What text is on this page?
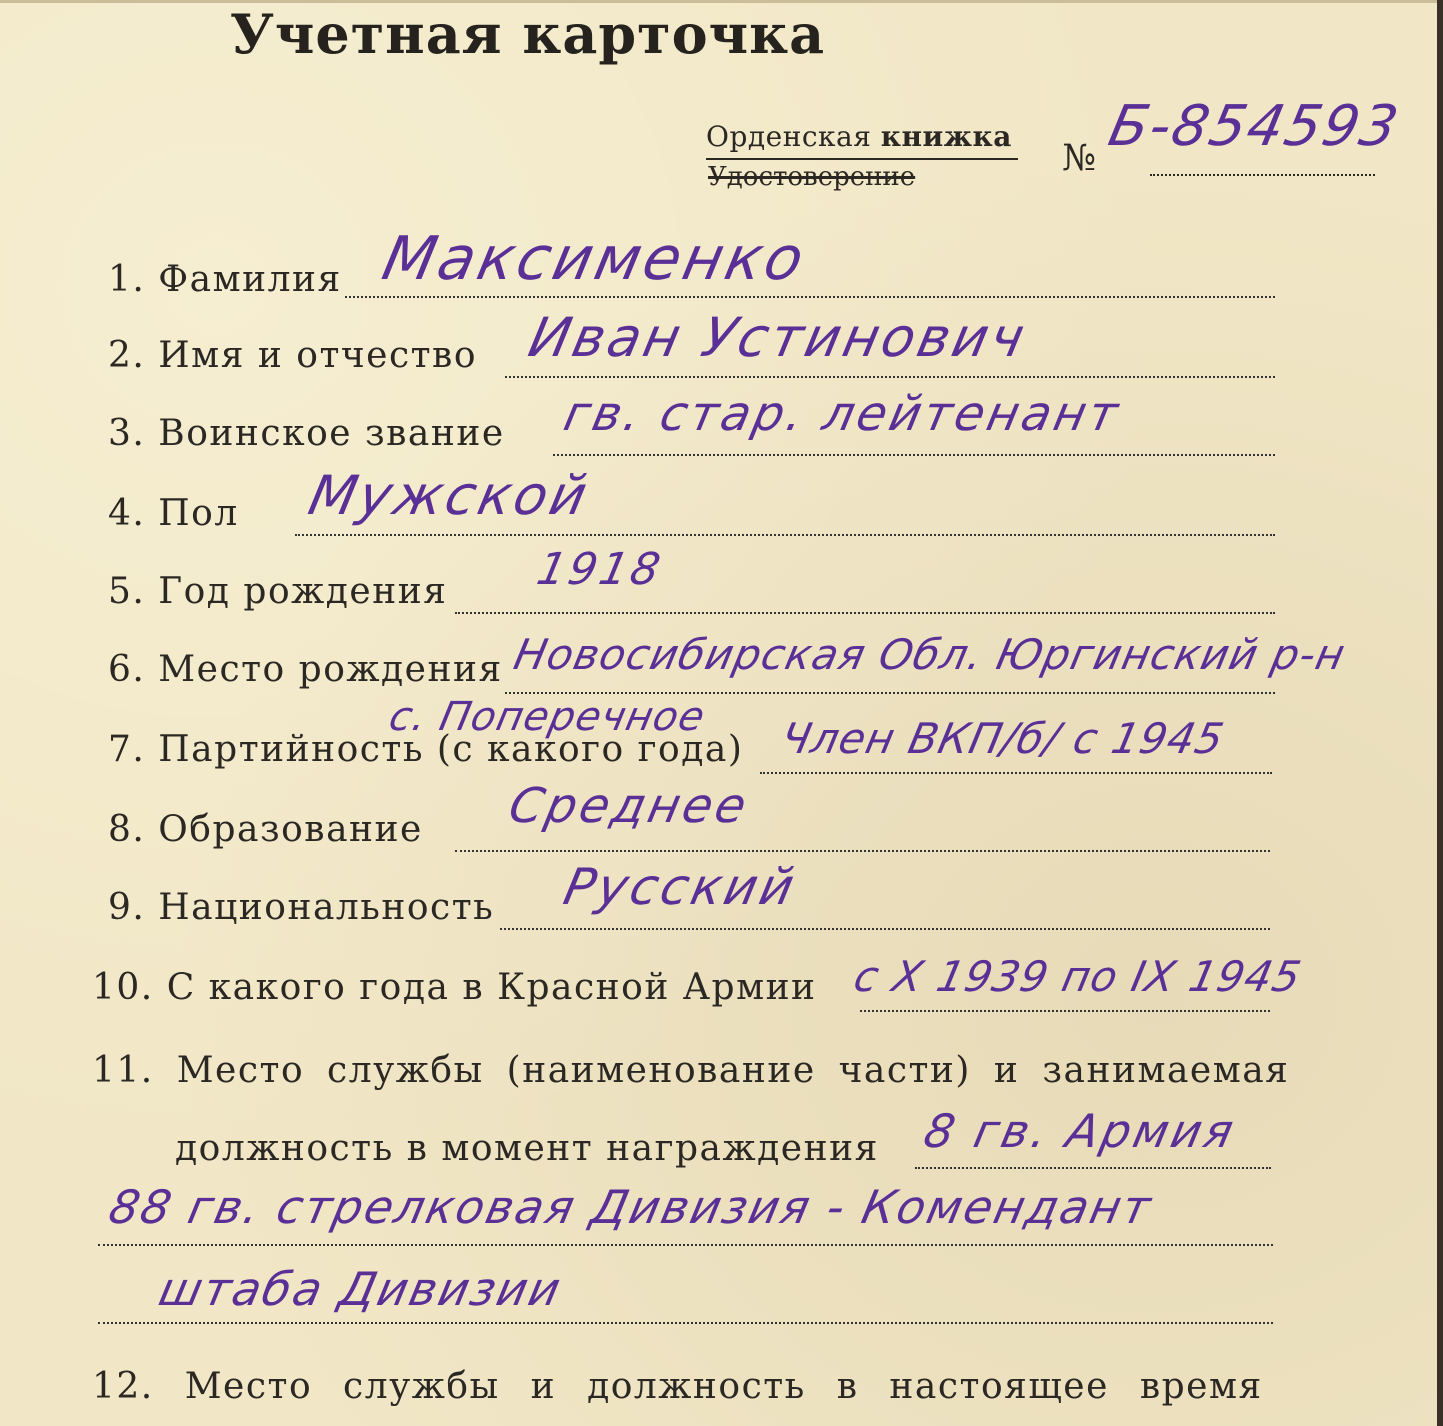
Учетная карточка
Орденская книжка
Удостоверение	№ Б-854593
1. Фамилия Максименко
2. Имя и отчество Иван Устинович
3. Воинское звание гв. стар. лейтенант
4. Пол Мужской
5. Год рождения 1918
6. Место рождения Новосибирская Обл. Юргинский р-н
с. Поперечное
7. Партийность (с какого года) Член ВКП/б/ с 1945
8. Образование Среднее
9. Национальность Русский
10. С какого года в Красной Армии с X 1939 по IX 1945
11. Место службы (наименование части) и занимаемая
должность в момент награждения 8 гв. Армия
88 гв. стрелковая Дивизия - Комендант
штаба Дивизии
12. Место службы и должность в настоящее время
